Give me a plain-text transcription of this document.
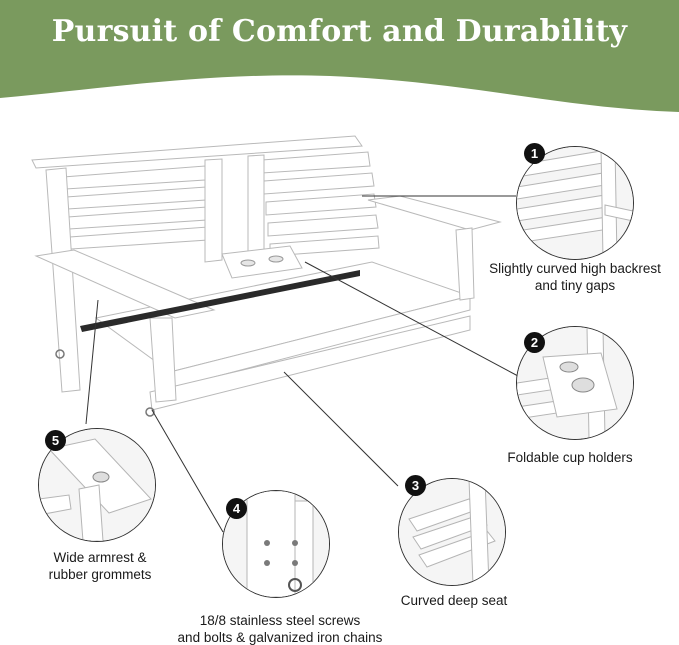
Pursuit of Comfort and Durability
1
2
3
4
5
Slightly curved high backrest
and tiny gaps
Foldable cup holders
Curved deep seat
18/8 stainless steel screws
and bolts & galvanized iron chains
Wide armrest &
rubber grommets
